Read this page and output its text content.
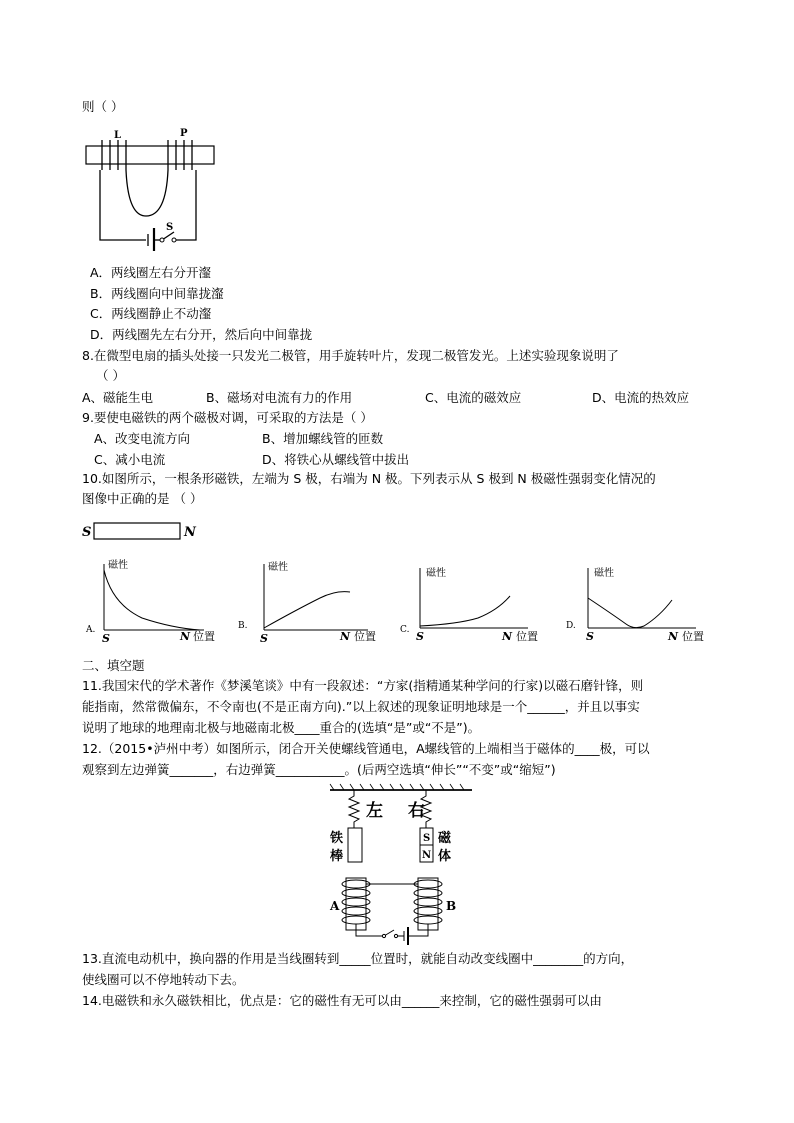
则（ ）
L	P
S
A．两线圈左右分开瀣
B．两线圈向中间靠拢瀣
C．两线圈静止不动瀣
D．两线圈先左右分开，然后向中间靠拢
8.在微型电扇的插头处接一只发光二极管，用手旋转叶片，发现二极管发光。上述实验现象说明了
（ ）
A、磁能生电	B、磁场对电流有力的作用	C、电流的磁效应	D、电流的热效应
9.要使电磁铁的两个磁极对调，可采取的方法是（ ）
A、改变电流方向	B、增加螺线管的匝数
C、减小电流	D、将铁心从螺线管中拔出
10.如图所示，一根条形磁铁，左端为 S 极，右端为 N 极。下列表示从 S 极到 N 极磁性强弱变化情况的
图像中正确的是 （ ）
S	N
磁性
A.
S	N 位置
磁性
B.
S	N 位置
磁性
C. S	N 位置
磁性
D.
S	N 位置
二、填空题
11.我国宋代的学术著作《梦溪笔谈》中有一段叙述：“方家(指精通某种学问的行家)以磁石磨针锋，则
能指南，然常微偏东，不令南也(不是正南方向).”以上叙述的现象证明地球是一个______，并且以事实
说明了地球的地理南北极与地磁南北极____重合的(选填“是”或“不是”)。
12.（2015•泸州中考）如图所示，闭合开关使螺线管通电，A螺线管的上端相当于磁体的____极，可以
观察到左边弹簧_______，右边弹簧___________。(后两空选填“伸长”“不变”或“缩短”)
左 右
铁
棒
S
N
磁
体
A	B
13.直流电动机中，换向器的作用是当线圈转到_____位置时，就能自动改变线圈中________的方向，
使线圈可以不停地转动下去。
14.电磁铁和永久磁铁相比，优点是：它的磁性有无可以由______来控制，它的磁性强弱可以由
